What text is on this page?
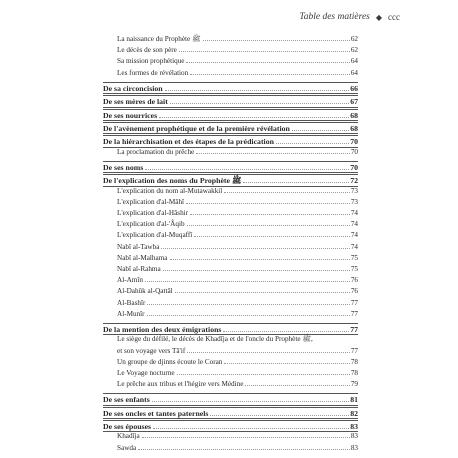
Table des matières ◆ ccc
La naissance du Prophète ﷺ	62
Le décès de son père	62
Sa mission prophétique	64
Les formes de révélation	64
De sa circoncision	66
De ses mères de lait	67
De ses nourrices	68
De l'avènement prophétique et de la première révélation	68
De la hiérarchisation et des étapes de la prédication	70
La proclamation du prêche	70
De ses noms	70
De l'explication des noms du Prophète ﷺ	72
L'explication du nom al-Mutawakkil	73
L'explication d'al-Mâhî	73
L'explication d'al-Hâshir	74
L'explication d'al-'Âqib	74
L'explication d'al-Muqaffî	74
Nabî al-Tawba	74
Nabî al-Malhama	75
Nabî al-Rahma	75
Al-Amîn	76
Al-Dahûk al-Qattâl	76
Al-Bashîr	77
Al-Munîr	77
De la mention des deux émigrations	77
Le siège du défilé, le décès de Khadîja et de l'oncle du Prophète ﷺ,
et son voyage vers Tâ'if	77
Un groupe de djinns écoute le Coran	78
Le Voyage nocturne	78
Le prêche aux tribus et l'hégire vers Médine	79
De ses enfants	81
De ses oncles et tantes paternels	82
De ses épouses	83
Khadîja	83
Sawda	83
